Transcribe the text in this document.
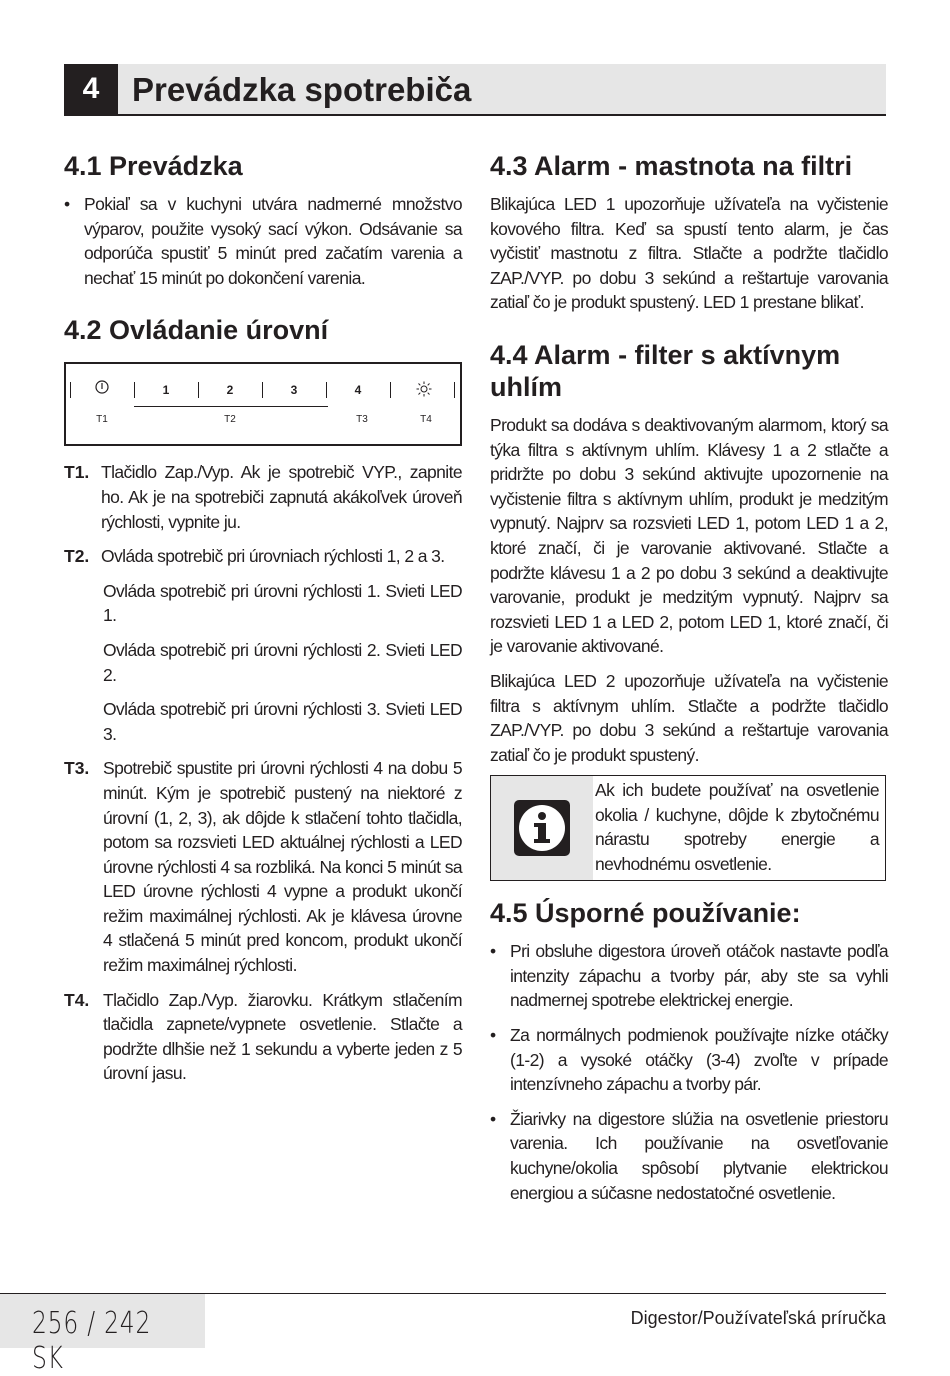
4 Prevádzka spotrebiča
4.1 Prevádzka
• Pokiaľ sa v kuchyni utvára nadmerné množstvo výparov, použite vysoký sací výkon. Odsávanie sa odporúča spustiť 5 minút pred začatím varenia a nechať 15 minút po dokončení varenia.
4.2 Ovládanie úrovní
1	2	3	4
T1	T2	T3	T4
T1. Tlačidlo Zap./Vyp. Ak je spotrebič VYP., zapnite ho. Ak je na spotrebiči zapnutá akákoľvek úroveň rýchlosti, vypnite ju.

T2. Ovláda spotrebič pri úrovniach rýchlosti 1, 2 a 3.

Ovláda spotrebič pri úrovni rýchlosti 1. Svieti LED 1.

Ovláda spotrebič pri úrovni rýchlosti 2. Svieti LED 2.

Ovláda spotrebič pri úrovni rýchlosti 3. Svieti LED 3.

T3. Spotrebič spustite pri úrovni rýchlosti 4 na dobu 5 minút. Kým je spotrebič pustený na niektoré z úrovní (1, 2, 3), ak dôjde k stlačení tohto tlačidla, potom sa rozsvieti LED aktuálnej rýchlosti a LED úrovne rýchlosti 4 sa rozbliká. Na konci 5 minút sa LED úrovne rýchlosti 4 vypne a produkt ukončí režim maximálnej rýchlosti. Ak je klávesa úrovne 4 stlačená 5 minút pred koncom, produkt ukončí režim maximálnej rýchlosti.

T4. Tlačidlo Zap./Vyp. žiarovku. Krátkym stlačením tlačidla zapnete/vypnete osvetlenie. Stlačte a podržte dlhšie než 1 sekundu a vyberte jeden z 5 úrovní jasu.

4.3 Alarm - mastnota na filtri

Blikajúca LED 1 upozorňuje užívateľa na vyčistenie kovového filtra. Keď sa spustí tento alarm, je čas vyčistiť mastnotu z filtra. Stlačte a podržte tlačidlo ZAP./VYP. po dobu 3 sekúnd a reštartuje varovania zatiaľ čo je produkt spustený. LED 1 prestane blikať.

4.4 Alarm - filter s aktívnym uhlím

Produkt sa dodáva s deaktivovaným alarmom, ktorý sa týka filtra s aktívnym uhlím. Klávesy 1 a 2 stlačte a pridržte po dobu 3 sekúnd aktivujte upozornenie na vyčistenie filtra s aktívnym uhlím, produkt je medzitým vypnutý. Najprv sa rozsvieti LED 1, potom LED 1 a 2, ktoré značí, či je varovanie aktivované. Stlačte a podržte klávesu 1 a 2 po dobu 3 sekúnd a deaktivujte varovanie, produkt je medzitým vypnutý. Najprv sa rozsvieti LED 1 a LED 2, potom LED 1, ktoré značí, či je varovanie aktivované.

Blikajúca LED 2 upozorňuje užívateľa na vyčistenie filtra s aktívnym uhlím. Stlačte a podržte tlačidlo ZAP./VYP. po dobu 3 sekúnd a reštartuje varovania zatiaľ čo je produkt spustený.

Ak ich budete používať na osvetlenie okolia / kuchyne, dôjde k zbytočnému nárastu spotreby energie a nevhodnému osvetlenie.

4.5 Úsporné používanie:
• Pri obsluhe digestora úroveň otáčok nastavte podľa intenzity zápachu a tvorby pár, aby ste sa vyhli nadmernej spotrebe elektrickej energie.
• Za normálnych podmienok používajte nízke otáčky (1-2) a vysoké otáčky (3-4) zvoľte v prípade intenzívneho zápachu a tvorby pár.
• Žiarivky na digestore slúžia na osvetlenie priestoru varenia. Ich používanie na osvetľovanie kuchyne/okolia spôsobí plytvanie elektrickou energiou a súčasne nedostatočné osvetlenie.
256 / 242 SK
Digestor/Používateľská príručka
